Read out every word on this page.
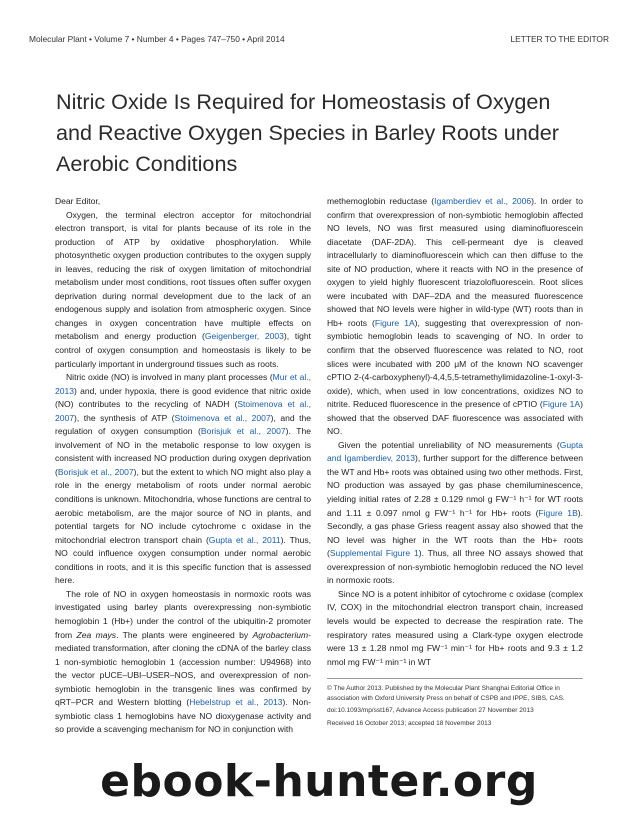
Molecular Plant • Volume 7 • Number 4 • Pages 747–750 • April 2014	LETTER TO THE EDITOR
Nitric Oxide Is Required for Homeostasis of Oxygen and Reactive Oxygen Species in Barley Roots under Aerobic Conditions

Dear Editor,

Oxygen, the terminal electron acceptor for mitochondrial electron transport, is vital for plants because of its role in the production of ATP by oxidative phosphorylation. While photosynthetic oxygen production contributes to the oxygen supply in leaves, reducing the risk of oxygen limitation of mitochondrial metabolism under most conditions, root tissues often suffer oxygen deprivation during normal development due to the lack of an endogenous supply and isolation from atmospheric oxygen. Since changes in oxygen concentration have multiple effects on metabolism and energy production (Geigenberger, 2003), tight control of oxygen consumption and homeostasis is likely to be particularly important in underground tissues such as roots.

Nitric oxide (NO) is involved in many plant processes (Mur et al., 2013) and, under hypoxia, there is good evidence that nitric oxide (NO) contributes to the recycling of NADH (Stoimenova et al., 2007), the synthesis of ATP (Stoimenova et al., 2007), and the regulation of oxygen consumption (Borisjuk et al., 2007). The involvement of NO in the metabolic response to low oxygen is consistent with increased NO production during oxygen deprivation (Borisjuk et al., 2007), but the extent to which NO might also play a role in the energy metabolism of roots under normal aerobic conditions is unknown. Mitochondria, whose functions are central to aerobic metabolism, are the major source of NO in plants, and potential targets for NO include cytochrome c oxidase in the mitochondrial electron transport chain (Gupta et al., 2011). Thus, NO could influence oxygen consumption under normal aerobic conditions in roots, and it is this specific function that is assessed here.

The role of NO in oxygen homeostasis in normoxic roots was investigated using barley plants overexpressing non-symbiotic hemoglobin 1 (Hb+) under the control of the ubiquitin-2 promoter from Zea mays. The plants were engineered by Agrobacterium-mediated transformation, after cloning the cDNA of the barley class 1 non-symbiotic hemoglobin 1 (accession number: U94968) into the vector pUCE–UBI–USER–NOS, and overexpression of non-symbiotic hemoglobin in the transgenic lines was confirmed by qRT–PCR and Western blotting (Hebelstrup et al., 2013). Non-symbiotic class 1 hemoglobins have NO dioxygenase activity and so provide a scavenging mechanism for NO in conjunction with

methemoglobin reductase (Igamberdiev et al., 2006). In order to confirm that overexpression of non-symbiotic hemoglobin affected NO levels, NO was first measured using diaminofluorescein diacetate (DAF-2DA). This cell-permeant dye is cleaved intracellularly to diaminofluorescein which can then diffuse to the site of NO production, where it reacts with NO in the presence of oxygen to yield highly fluorescent triazolofluorescein. Root slices were incubated with DAF–2DA and the measured fluorescence showed that NO levels were higher in wild-type (WT) roots than in Hb+ roots (Figure 1A), suggesting that overexpression of non-symbiotic hemoglobin leads to scavenging of NO. In order to confirm that the observed fluorescence was related to NO, root slices were incubated with 200 μM of the known NO scavenger cPTIO 2-(4-carboxyphenyl)-4,4,5,5-tetramethylimidazoline-1-oxyl-3-oxide), which, when used in low concentrations, oxidizes NO to nitrite. Reduced fluorescence in the presence of cPTIO (Figure 1A) showed that the observed DAF fluorescence was associated with NO.

Given the potential unreliability of NO measurements (Gupta and Igamberdiev, 2013), further support for the difference between the WT and Hb+ roots was obtained using two other methods. First, NO production was assayed by gas phase chemiluminescence, yielding initial rates of 2.28 ± 0.129 nmol g FW⁻¹ h⁻¹ for WT roots and 1.11 ± 0.097 nmol g FW⁻¹ h⁻¹ for Hb+ roots (Figure 1B). Secondly, a gas phase Griess reagent assay also showed that the NO level was higher in the WT roots than the Hb+ roots (Supplemental Figure 1). Thus, all three NO assays showed that overexpression of non-symbiotic hemoglobin reduced the NO level in normoxic roots.

Since NO is a potent inhibitor of cytochrome c oxidase (complex IV, COX) in the mitochondrial electron transport chain, increased levels would be expected to decrease the respiration rate. The respiratory rates measured using a Clark-type oxygen electrode were 13 ± 1.28 nmol mg FW⁻¹ min⁻¹ for Hb+ roots and 9.3 ± 1.2 nmol mg FW⁻¹ min⁻¹ in WT

© The Author 2013. Published by the Molecular Plant Shanghai Editorial Office in association with Oxford University Press on behalf of CSPB and IPPE, SIBS, CAS.
doi:10.1093/mp/sst167, Advance Access publication 27 November 2013
Received 16 October 2013; accepted 18 November 2013
ebook-hunter.org
